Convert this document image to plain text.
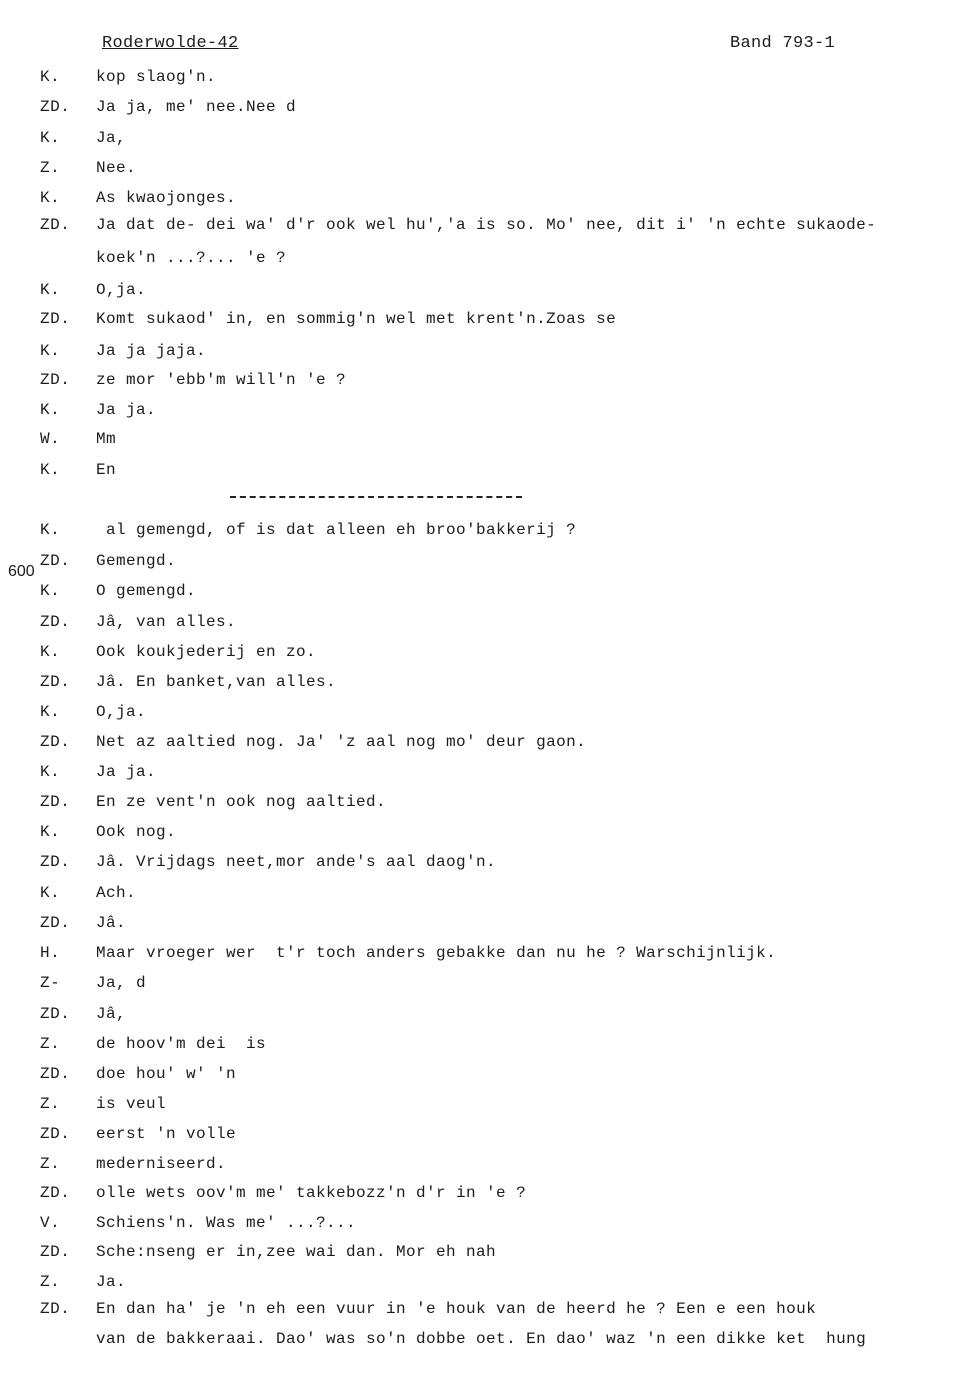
Roderwolde-42	Band 793-1
600
K.	kop slaog'n.
ZD.	Ja ja, me' nee.Nee d
K.	Ja,
Z.	Nee.
K.	As kwaojonges.
ZD.	Ja dat de- dei wa' d'r ook wel hu','a is so. Mo' nee, dit i' 'n echte sukaode-
koek'n ...?... 'e ?
K.	O,ja.
ZD.	Komt sukaod' in, en sommig'n wel met krent'n.Zoas se
K.	Ja ja jaja.
ZD.	ze mor 'ebb'm will'n 'e ?
K.	Ja ja.
W.	Mm
K.	En
K.	al gemengd, of is dat alleen eh broo'bakkerij ?
ZD.	Gemengd.
K.	O gemengd.
ZD.	Jâ, van alles.
K.	Ook koukjederij en zo.
ZD.	Jâ. En banket,van alles.
K.	O,ja.
ZD.	Net az aaltied nog. Ja' 'z aal nog mo' deur gaon.
K.	Ja ja.
ZD.	En ze vent'n ook nog aaltied.
K.	Ook nog.
ZD.	Jâ. Vrijdags neet,mor ande's aal daog'n.
K.	Ach.
ZD.	Jâ.
H.	Maar vroeger wer  t'r toch anders gebakke dan nu he ? Warschijnlijk.
Z-	Ja, d
ZD.	Jâ,
Z.	de hoov'm dei  is
ZD.	doe hou' w' 'n
Z.	is veul
ZD.	eerst 'n volle
Z.	mederniseerd.
ZD.	olle wets oov'm me' takkebozz'n d'r in 'e ?
V.	Schiens'n. Was me' ...?...
ZD.	Sche:nseng er in,zee wai dan. Mor eh nah
Z.	Ja.
ZD.	En dan ha' je 'n eh een vuur in 'e houk van de heerd he ? Een e een houk
van de bakkeraai. Dao' was so'n dobbe oet. En dao' waz 'n een dikke ket  hung
